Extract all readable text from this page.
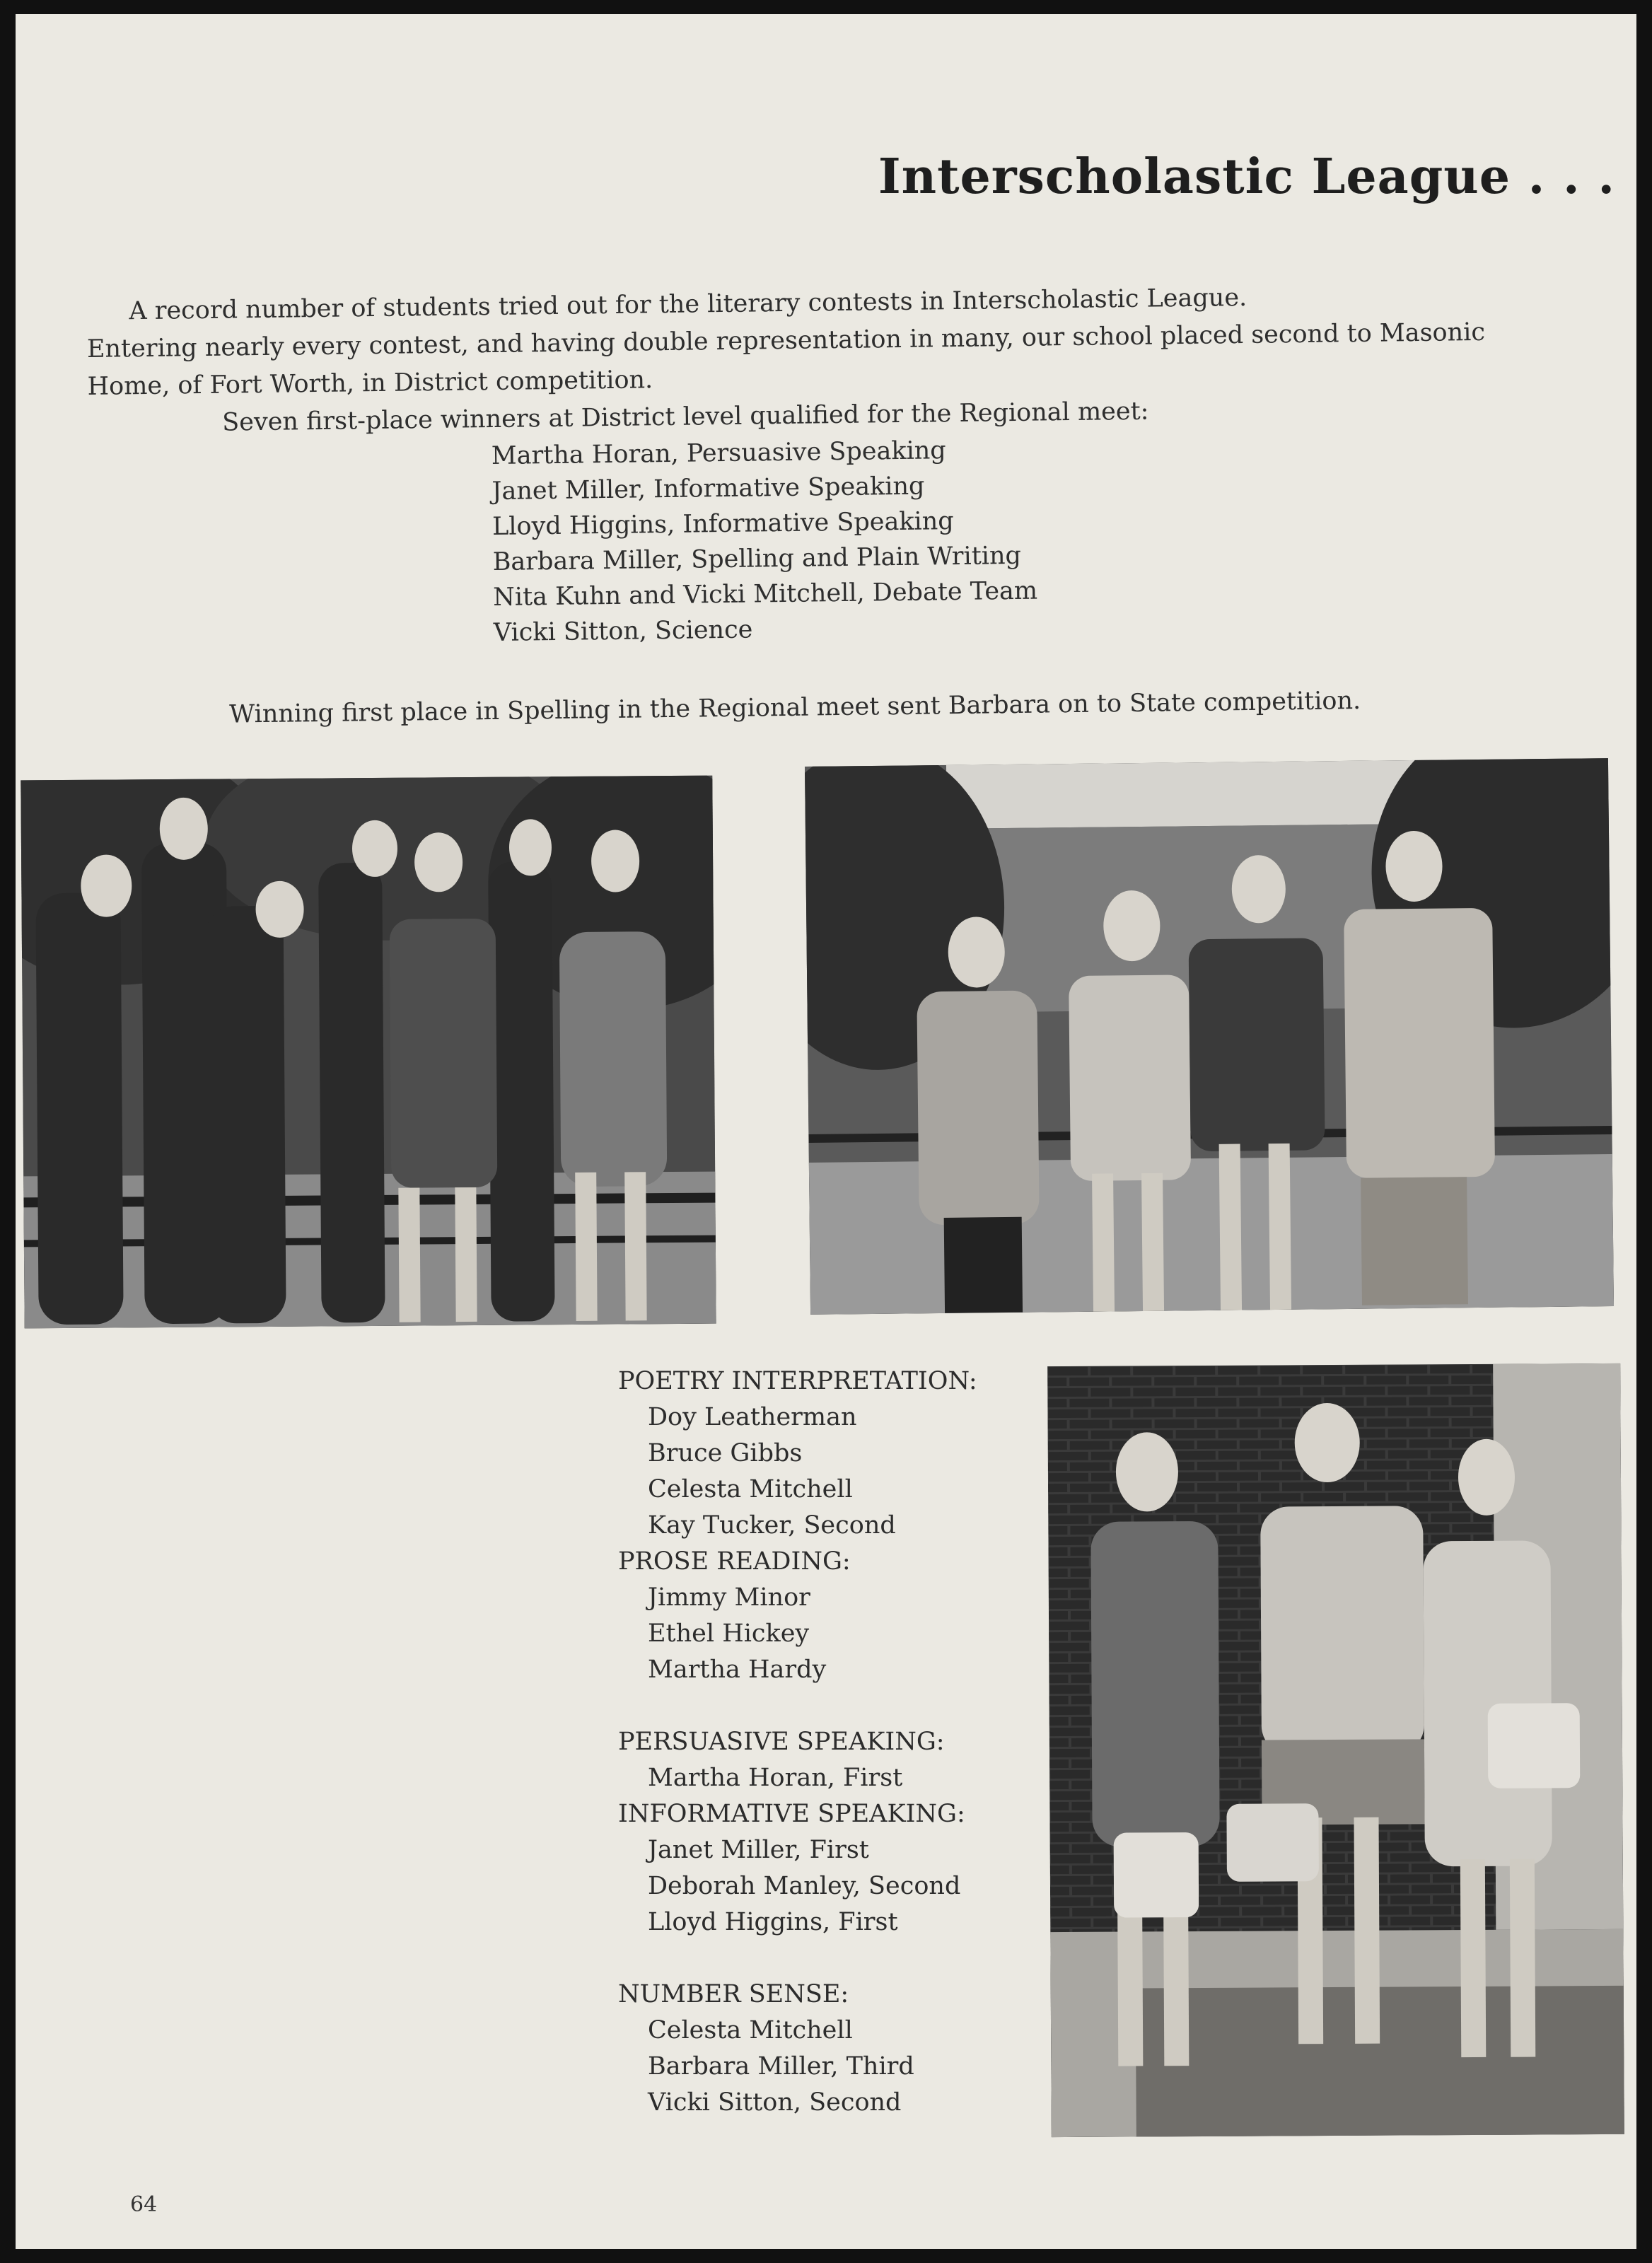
Interscholastic League . . .

A record number of students tried out for the literary contests in Interscholastic League.

Entering nearly every contest, and having double representation in many, our school placed second to Masonic

Home, of Fort Worth, in District competition.

Seven first-place winners at District level qualified for the Regional meet:

Martha Horan, Persuasive Speaking
Janet Miller, Informative Speaking
Lloyd Higgins, Informative Speaking
Barbara Miller, Spelling and Plain Writing
Nita Kuhn and Vicki Mitchell, Debate Team
Vicki Sitton, Science

Winning first place in Spelling in the Regional meet sent Barbara on to State competition.

POETRY INTERPRETATION:
Doy Leatherman
Bruce Gibbs
Celesta Mitchell
Kay Tucker, Second
PROSE READING:
Jimmy Minor
Ethel Hickey
Martha Hardy
PERSUASIVE SPEAKING:
Martha Horan, First
INFORMATIVE SPEAKING:
Janet Miller, First
Deborah Manley, Second
Lloyd Higgins, First
NUMBER SENSE:
Celesta Mitchell
Barbara Miller, Third
Vicki Sitton, Second
64
